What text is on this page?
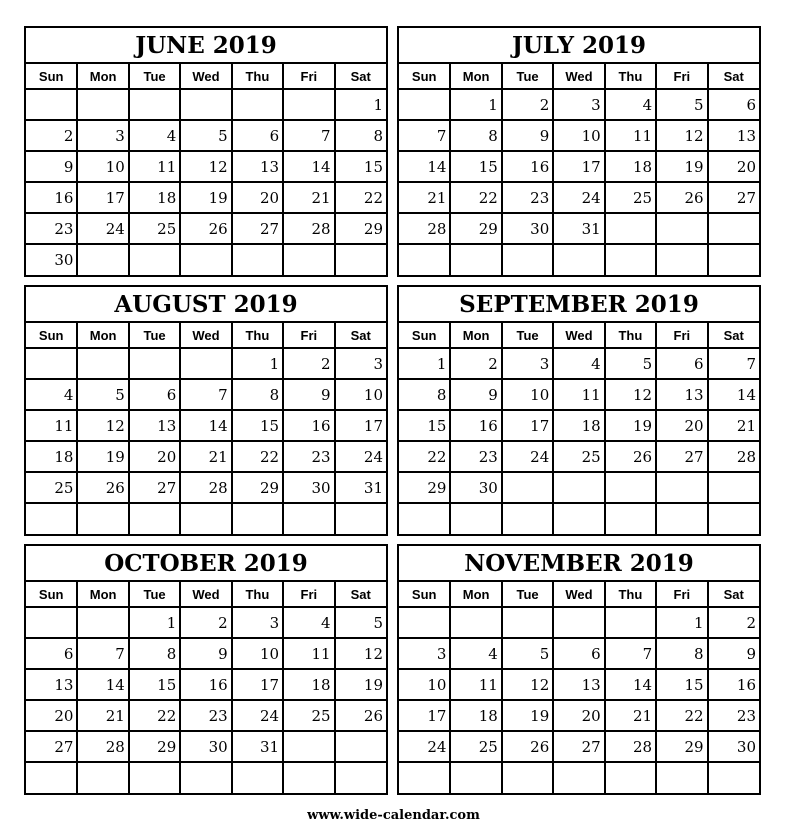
JUNE 2019
Sun	Mon	Tue	Wed	Thu	Fri	Sat
						1
2	3	4	5	6	7	8
9	10	11	12	13	14	15
16	17	18	19	20	21	22
23	24	25	26	27	28	29
30						
JULY 2019
Sun	Mon	Tue	Wed	Thu	Fri	Sat
	1	2	3	4	5	6
7	8	9	10	11	12	13
14	15	16	17	18	19	20
21	22	23	24	25	26	27
28	29	30	31			

AUGUST 2019
Sun	Mon	Tue	Wed	Thu	Fri	Sat
				1	2	3
4	5	6	7	8	9	10
11	12	13	14	15	16	17
18	19	20	21	22	23	24
25	26	27	28	29	30	31

SEPTEMBER 2019
Sun	Mon	Tue	Wed	Thu	Fri	Sat
1	2	3	4	5	6	7
8	9	10	11	12	13	14
15	16	17	18	19	20	21
22	23	24	25	26	27	28
29	30					

OCTOBER 2019
Sun	Mon	Tue	Wed	Thu	Fri	Sat
		1	2	3	4	5
6	7	8	9	10	11	12
13	14	15	16	17	18	19
20	21	22	23	24	25	26
27	28	29	30	31		

NOVEMBER 2019
Sun	Mon	Tue	Wed	Thu	Fri	Sat
					1	2
3	4	5	6	7	8	9
10	11	12	13	14	15	16
17	18	19	20	21	22	23
24	25	26	27	28	29	30

www.wide-calendar.com
